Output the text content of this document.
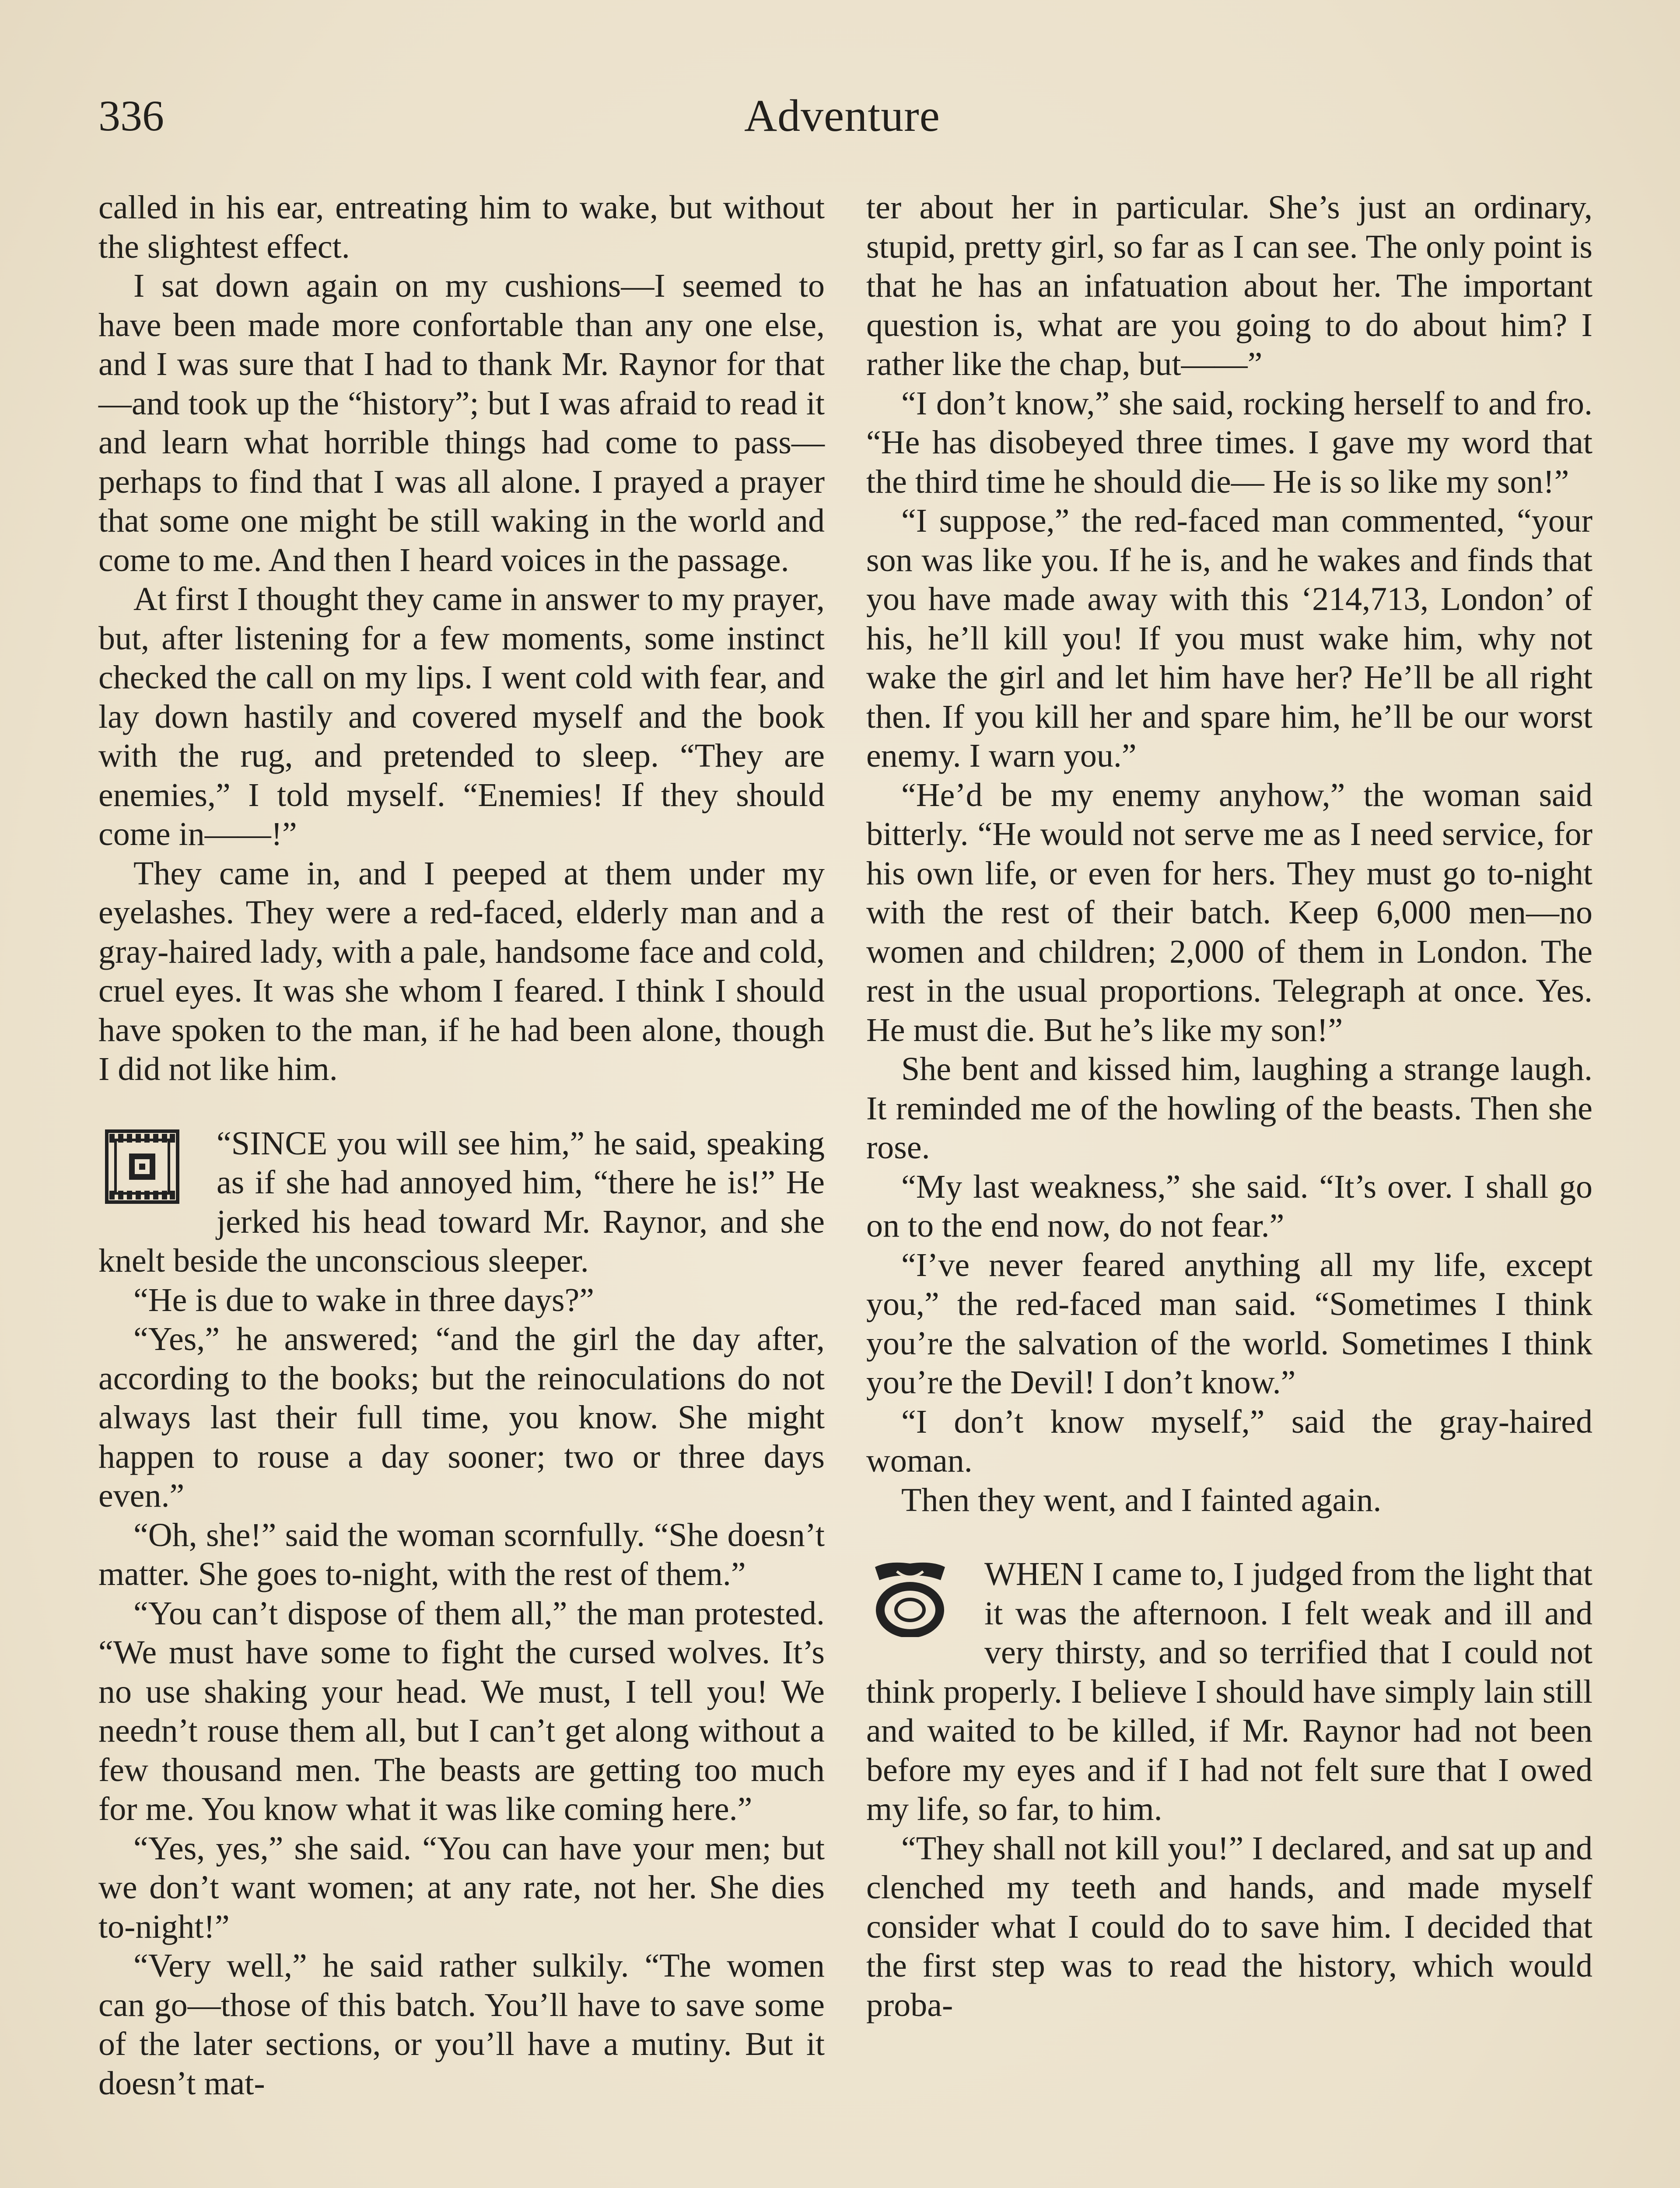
336	Adventure

called in his ear, entreating him to wake, but without the slightest effect.

I sat down again on my cushions—I seemed to have been made more confortable than any one else, and I was sure that I had to thank Mr. Raynor for that—and took up the “history”; but I was afraid to read it and learn what horrible things had come to pass—perhaps to find that I was all alone. I prayed a prayer that some one might be still waking in the world and come to me. And then I heard voices in the passage.

At first I thought they came in answer to my prayer, but, after listening for a few moments, some instinct checked the call on my lips. I went cold with fear, and lay down hastily and covered myself and the book with the rug, and pretended to sleep. “They are enemies,” I told myself. “Enemies! If they should come in——!”

They came in, and I peeped at them under my eyelashes. They were a red-faced, elderly man and a gray-haired lady, with a pale, handsome face and cold, cruel eyes. It was she whom I feared. I think I should have spoken to the man, if he had been alone, though I did not like him.

“SINCE you will see him,” he said, speaking as if she had annoyed him, “there he is!” He jerked his head toward Mr. Raynor, and she knelt beside the unconscious sleeper.

“He is due to wake in three days?”

“Yes,” he answered; “and the girl the day after, according to the books; but the reinoculations do not always last their full time, you know. She might happen to rouse a day sooner; two or three days even.”

“Oh, she!” said the woman scornfully. “She doesn’t matter. She goes to-night, with the rest of them.”

“You can’t dispose of them all,” the man protested. “We must have some to fight the cursed wolves. It’s no use shaking your head. We must, I tell you! We needn’t rouse them all, but I can’t get along without a few thousand men. The beasts are getting too much for me. You know what it was like coming here.”

“Yes, yes,” she said. “You can have your men; but we don’t want women; at any rate, not her. She dies to-night!”

“Very well,” he said rather sulkily. “The women can go—those of this batch. You’ll have to save some of the later sections, or you’ll have a mutiny. But it doesn’t mat-

ter about her in particular. She’s just an ordinary, stupid, pretty girl, so far as I can see. The only point is that he has an infatuation about her. The important question is, what are you going to do about him? I rather like the chap, but——”

“I don’t know,” she said, rocking herself to and fro. “He has disobeyed three times. I gave my word that the third time he should die— He is so like my son!”

“I suppose,” the red-faced man commented, “your son was like you. If he is, and he wakes and finds that you have made away with this ‘214,713, London’ of his, he’ll kill you! If you must wake him, why not wake the girl and let him have her? He’ll be all right then. If you kill her and spare him, he’ll be our worst enemy. I warn you.”

“He’d be my enemy anyhow,” the woman said bitterly. “He would not serve me as I need service, for his own life, or even for hers. They must go to-night with the rest of their batch. Keep 6,000 men—no women and children; 2,000 of them in London. The rest in the usual proportions. Telegraph at once. Yes. He must die. But he’s like my son!”

She bent and kissed him, laughing a strange laugh. It reminded me of the howling of the beasts. Then she rose.

“My last weakness,” she said. “It’s over. I shall go on to the end now, do not fear.”

“I’ve never feared anything all my life, except you,” the red-faced man said. “Sometimes I think you’re the salvation of the world. Sometimes I think you’re the Devil! I don’t know.”

“I don’t know myself,” said the gray-haired woman.

Then they went, and I fainted again.

WHEN I came to, I judged from the light that it was the afternoon. I felt weak and ill and very thirsty, and so terrified that I could not think properly. I believe I should have simply lain still and waited to be killed, if Mr. Raynor had not been before my eyes and if I had not felt sure that I owed my life, so far, to him.

“They shall not kill you!” I declared, and sat up and clenched my teeth and hands, and made myself consider what I could do to save him. I decided that the first step was to read the history, which would proba-
